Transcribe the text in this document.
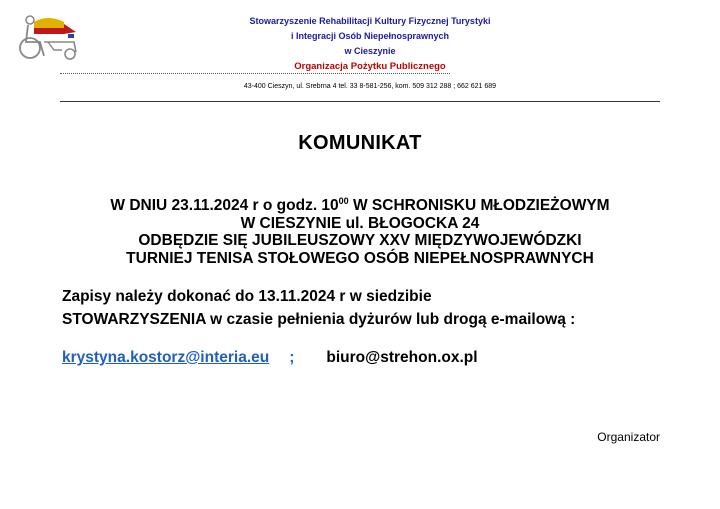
Stowarzyszenie Rehabilitacji Kultury Fizycznej Turystyki
i Integracji Osób Niepełnosprawnych
w Cieszynie
Organizacja Pożytku Publicznego
43-400 Cieszyn, ul. Srebrna 4 tel. 33 8-581-256, kom. 509 312 288 ; 662 621 689
KOMUNIKAT
W DNIU 23.11.2024 r o godz. $10^{00}$ W SCHRONISKU MŁODZIEŻOWYM
W CIESZYNIE ul. BŁOGOCKA 24
ODBĘDZIE SIĘ JUBILEUSZOWY XXV MIĘDZYWOJEWÓDZKI
TURNIEJ TENISA STOŁOWEGO OSÓB NIEPEŁNOSPRAWNYCH
Zapisy należy dokonać do 13.11.2024 r w siedzibie
STOWARZYSZENIA w czasie pełnienia dyżurów lub drogą e-mailową :
krystyna.kostorz@interia.eu ; biuro@strehon.ox.pl
Organizator
